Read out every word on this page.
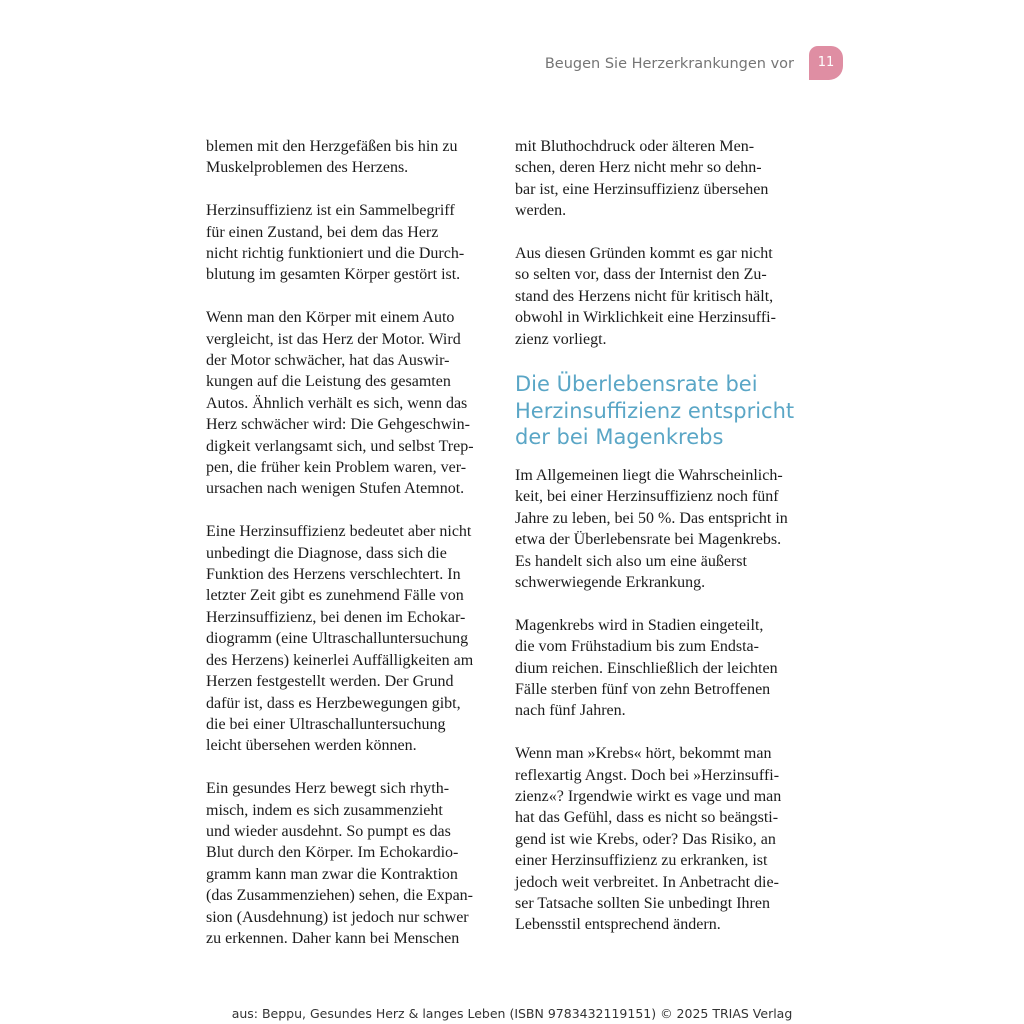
Beugen Sie Herzerkrankungen vor	11

blemen mit den Herzgefäßen bis hin zu
Muskelproblemen des Herzens.

Herzinsuffizienz ist ein Sammelbegriff
für einen Zustand, bei dem das Herz
nicht richtig funktioniert und die Durch-
blutung im gesamten Körper gestört ist.

Wenn man den Körper mit einem Auto
vergleicht, ist das Herz der Motor. Wird
der Motor schwächer, hat das Auswir-
kungen auf die Leistung des gesamten
Autos. Ähnlich verhält es sich, wenn das
Herz schwächer wird: Die Gehgeschwin-
digkeit verlangsamt sich, und selbst Trep-
pen, die früher kein Problem waren, ver-
ursachen nach wenigen Stufen Atemnot.

Eine Herzinsuffizienz bedeutet aber nicht
unbedingt die Diagnose, dass sich die
Funktion des Herzens verschlechtert. In
letzter Zeit gibt es zunehmend Fälle von
Herzinsuffizienz, bei denen im Echokar-
diogramm (eine Ultraschalluntersuchung
des Herzens) keinerlei Auffälligkeiten am
Herzen festgestellt werden. Der Grund
dafür ist, dass es Herzbewegungen gibt,
die bei einer Ultraschalluntersuchung
leicht übersehen werden können.

Ein gesundes Herz bewegt sich rhyth-
misch, indem es sich zusammenzieht
und wieder ausdehnt. So pumpt es das
Blut durch den Körper. Im Echokardio-
gramm kann man zwar die Kontraktion
(das Zusammenziehen) sehen, die Expan-
sion (Ausdehnung) ist jedoch nur schwer
zu erkennen. Daher kann bei Menschen

mit Bluthochdruck oder älteren Men-
schen, deren Herz nicht mehr so dehn-
bar ist, eine Herzinsuffizienz übersehen
werden.

Aus diesen Gründen kommt es gar nicht
so selten vor, dass der Internist den Zu-
stand des Herzens nicht für kritisch hält,
obwohl in Wirklichkeit eine Herzinsuffi-
zienz vorliegt.

Die Überlebensrate bei
Herzinsuffizienz entspricht
der bei Magenkrebs

Im Allgemeinen liegt die Wahrscheinlich-
keit, bei einer Herzinsuffizienz noch fünf
Jahre zu leben, bei 50 %. Das entspricht in
etwa der Überlebensrate bei Magenkrebs.
Es handelt sich also um eine äußerst
schwerwiegende Erkrankung.

Magenkrebs wird in Stadien eingeteilt,
die vom Frühstadium bis zum Endsta-
dium reichen. Einschließlich der leichten
Fälle sterben fünf von zehn Betroffenen
nach fünf Jahren.

Wenn man »Krebs« hört, bekommt man
reflexartig Angst. Doch bei »Herzinsuffi-
zienz«? Irgendwie wirkt es vage und man
hat das Gefühl, dass es nicht so beängsti-
gend ist wie Krebs, oder? Das Risiko, an
einer Herzinsuffizienz zu erkranken, ist
jedoch weit verbreitet. In Anbetracht die-
ser Tatsache sollten Sie unbedingt Ihren
Lebensstil entsprechend ändern.

aus: Beppu, Gesundes Herz & langes Leben (ISBN 9783432119151) © 2025 TRIAS Verlag
